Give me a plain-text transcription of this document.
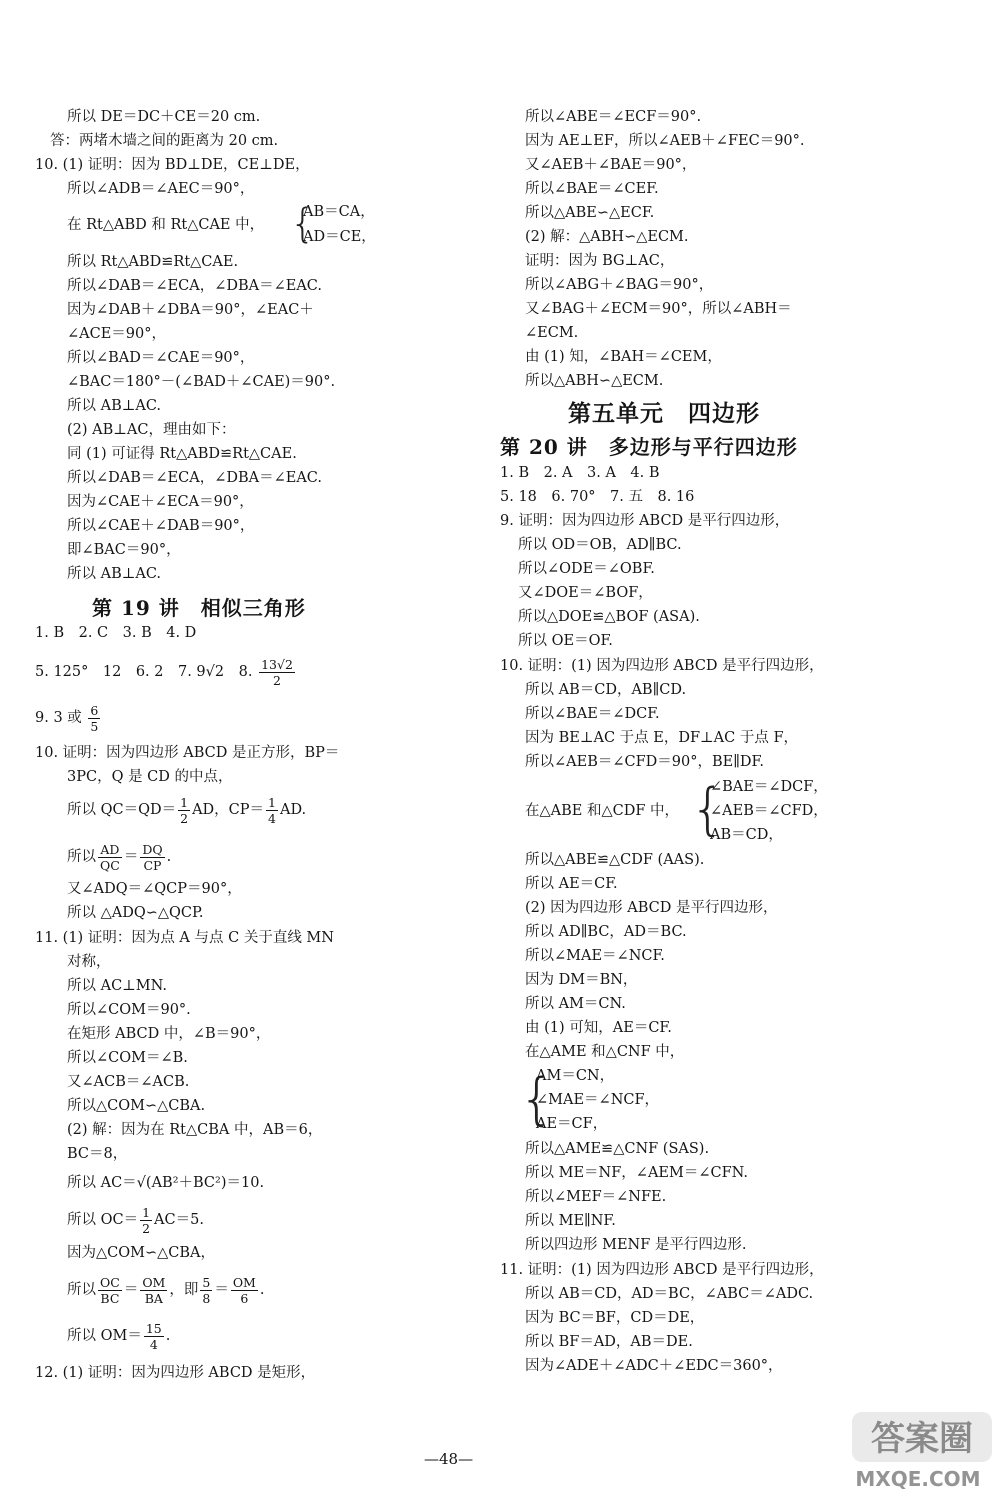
所以 DE＝DC＋CE＝20 cm.
答：两堵木墙之间的距离为 20 cm.
10. (1) 证明：因为 BD⊥DE，CE⊥DE，
所以∠ADB＝∠AEC＝90°，
在 Rt△ABD 和 Rt△CAE 中， {
AB＝CA，
AD＝CE，
所以 Rt△ABD≌Rt△CAE.
所以∠DAB＝∠ECA，∠DBA＝∠EAC.
因为∠DAB＋∠DBA＝90°，∠EAC＋
∠ACE＝90°，
所以∠BAD＝∠CAE＝90°，
∠BAC＝180°－(∠BAD＋∠CAE)＝90°.
所以 AB⊥AC.
(2) AB⊥AC，理由如下：
同 (1) 可证得 Rt△ABD≌Rt△CAE.
所以∠DAB＝∠ECA，∠DBA＝∠EAC.
因为∠CAE＋∠ECA＝90°，
所以∠CAE＋∠DAB＝90°，
即∠BAC＝90°，
所以 AB⊥AC.
第 19 讲　相似三角形
1. B　2. C　3. B　4. D
5. 125°　12　6. 2　7. 9√2　8. $\frac{13√2}{2}$
9. 3 或 $\frac{6}{5}$
10. 证明：因为四边形 ABCD 是正方形，BP＝
3PC，Q 是 CD 的中点，
所以 $QC=QD= \frac{1}{2}$ AD，$CP= \frac{1}{4}$ AD.
所以 $\frac{AD}{QC} = \frac{DQ}{CP}$ .
又∠ADQ＝∠QCP＝90°，
所以 △ADQ∽△QCP.
11. (1) 证明：因为点 A 与点 C 关于直线 MN
对称，
所以 AC⊥MN.
所以∠COM＝90°.
在矩形 ABCD 中，∠B＝90°，
所以∠COM＝∠B.
又∠ACB＝∠ACB.
所以△COM∽△CBA.
(2) 解：因为在 Rt△CBA 中，AB＝6，
BC＝8，
所以 AC＝√(AB²＋BC²)＝10.
所以 $OC= \frac{1}{2} AC=5$.
因为△COM∽△CBA，
所以 $\frac{OC}{BC} = \frac{OM}{BA}$ ，即 $\frac{5}{8} = \frac{OM}{6}$ .
所以 $OM= \frac{15}{4}$ .
12. (1) 证明：因为四边形 ABCD 是矩形，
所以∠ABE＝∠ECF＝90°.
因为 AE⊥EF，所以∠AEB＋∠FEC＝90°.
又∠AEB＋∠BAE＝90°，
所以∠BAE＝∠CEF.
所以△ABE∽△ECF.
(2) 解：△ABH∽△ECM.
证明：因为 BG⊥AC，
所以∠ABG＋∠BAG＝90°，
又∠BAG＋∠ECM＝90°，所以∠ABH＝
∠ECM.
由 (1) 知，∠BAH＝∠CEM，
所以△ABH∽△ECM.
第五单元　四边形
第 20 讲　多边形与平行四边形
1. B　2. A　3. A　4. B
5. 18　6. 70°　7. 五　8. 16
9. 证明：因为四边形 ABCD 是平行四边形，
所以 OD＝OB，AD∥BC.
所以∠ODE＝∠OBF.
又∠DOE＝∠BOF，
所以△DOE≌△BOF (ASA).
所以 OE＝OF.
10. 证明：(1) 因为四边形 ABCD 是平行四边形，
所以 AB＝CD，AB∥CD.
所以∠BAE＝∠DCF.
因为 BE⊥AC 于点 E，DF⊥AC 于点 F，
所以∠AEB＝∠CFD＝90°，BE∥DF.
在△ABE 和△CDF 中， {
∠BAE＝∠DCF，
∠AEB＝∠CFD，
AB＝CD，
所以△ABE≌△CDF (AAS).
所以 AE＝CF.
(2) 因为四边形 ABCD 是平行四边形，
所以 AD∥BC，AD＝BC.
所以∠MAE＝∠NCF.
因为 DM＝BN，
所以 AM＝CN.
由 (1) 可知，AE＝CF.
在△AME 和△CNF 中，
{
AM＝CN，
∠MAE＝∠NCF，
AE＝CF，
所以△AME≌△CNF (SAS).
所以 ME＝NF，∠AEM＝∠CFN.
所以∠MEF＝∠NFE.
所以 ME∥NF.
所以四边形 MENF 是平行四边形.
11. 证明：(1) 因为四边形 ABCD 是平行四边形，
所以 AB＝CD，AD＝BC，∠ABC＝∠ADC.
因为 BC＝BF，CD＝DE，
所以 BF＝AD，AB＝DE.
因为∠ADE＋∠ADC＋∠EDC＝360°，
—48—	答案圈
MXQE.COM
